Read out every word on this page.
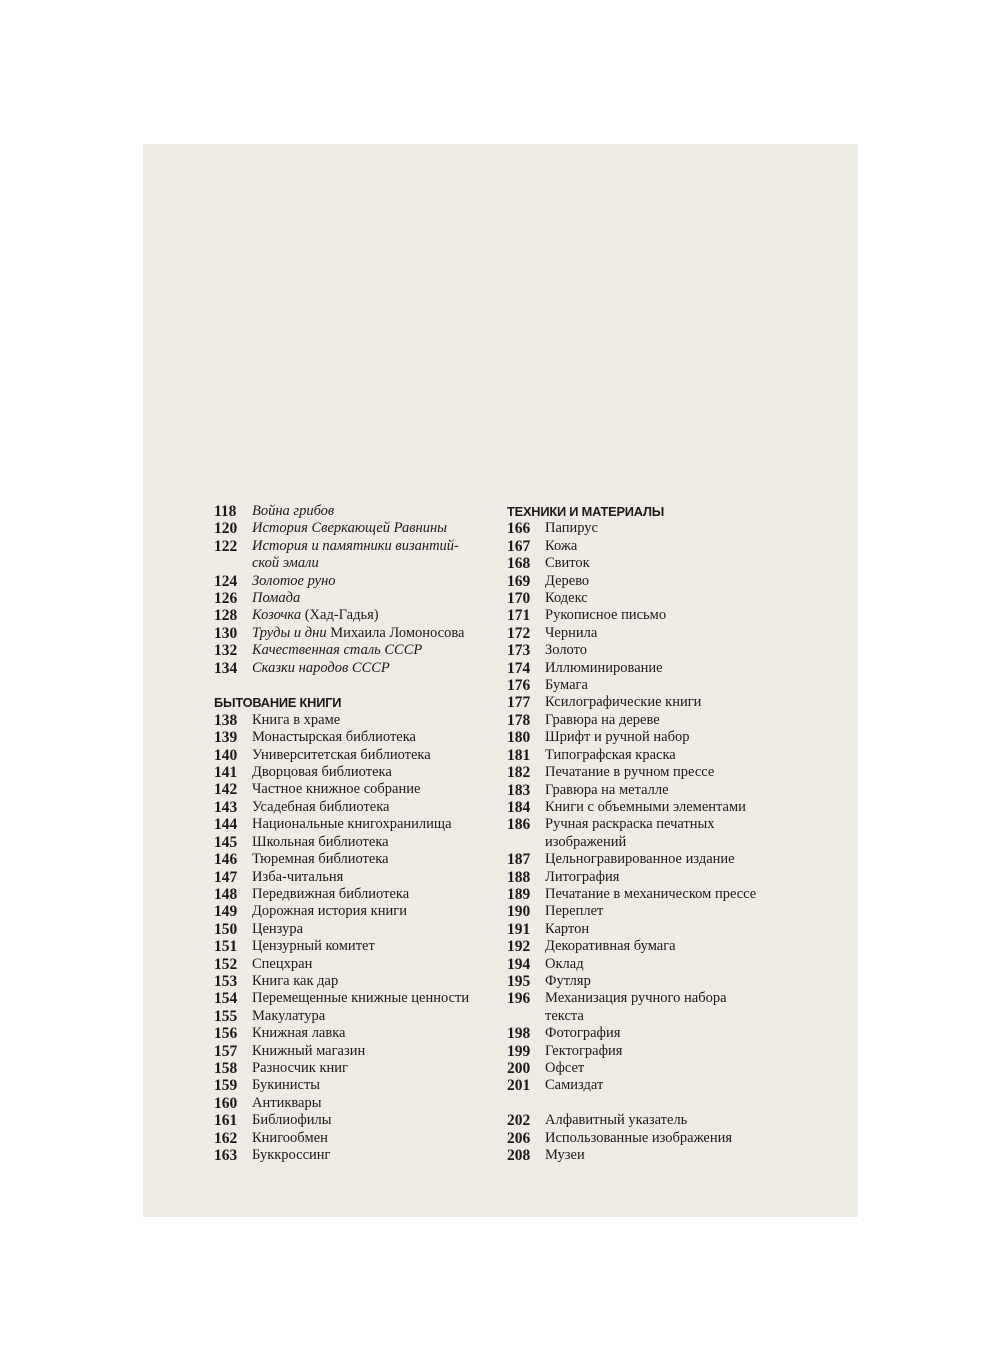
118	Война грибов
120	История Сверкающей Равнины
122	История и памятники византий-
ской эмали
124	Золотое руно
126	Помада
128	Козочка (Хад-Гадья)
130	Труды и дни Михаила Ломоносова
132	Качественная сталь СССР
134	Сказки народов СССР
БЫТОВАНИЕ КНИГИ
138	Книга в храме
139	Монастырская библиотека
140	Университетская библиотека
141	Дворцовая библиотека
142	Частное книжное собрание
143	Усадебная библиотека
144	Национальные книгохранилища
145	Школьная библиотека
146	Тюремная библиотека
147	Изба-читальня
148	Передвижная библиотека
149	Дорожная история книги
150	Цензура
151	Цензурный комитет
152	Спецхран
153	Книга как дар
154	Перемещенные книжные ценности
155	Макулатура
156	Книжная лавка
157	Книжный магазин
158	Разносчик книг
159	Букинисты
160	Антиквары
161	Библиофилы
162	Книгообмен
163	Буккроссинг
ТЕХНИКИ И МАТЕРИАЛЫ
166	Папирус
167	Кожа
168	Свиток
169	Дерево
170	Кодекс
171	Рукописное письмо
172	Чернила
173	Золото
174	Иллюминирование
176	Бумага
177	Ксилографические книги
178	Гравюра на дереве
180	Шрифт и ручной набор
181	Типографская краска
182	Печатание в ручном прессе
183	Гравюра на металле
184	Книги с объемными элементами
186	Ручная раскраска печатных
изображений
187	Цельногравированное издание
188	Литография
189	Печатание в механическом прессе
190	Переплет
191	Картон
192	Декоративная бумага
194	Оклад
195	Футляр
196	Механизация ручного набора
текста
198	Фотография
199	Гектография
200	Офсет
201	Самиздат
202	Алфавитный указатель
206	Использованные изображения
208	Музеи
